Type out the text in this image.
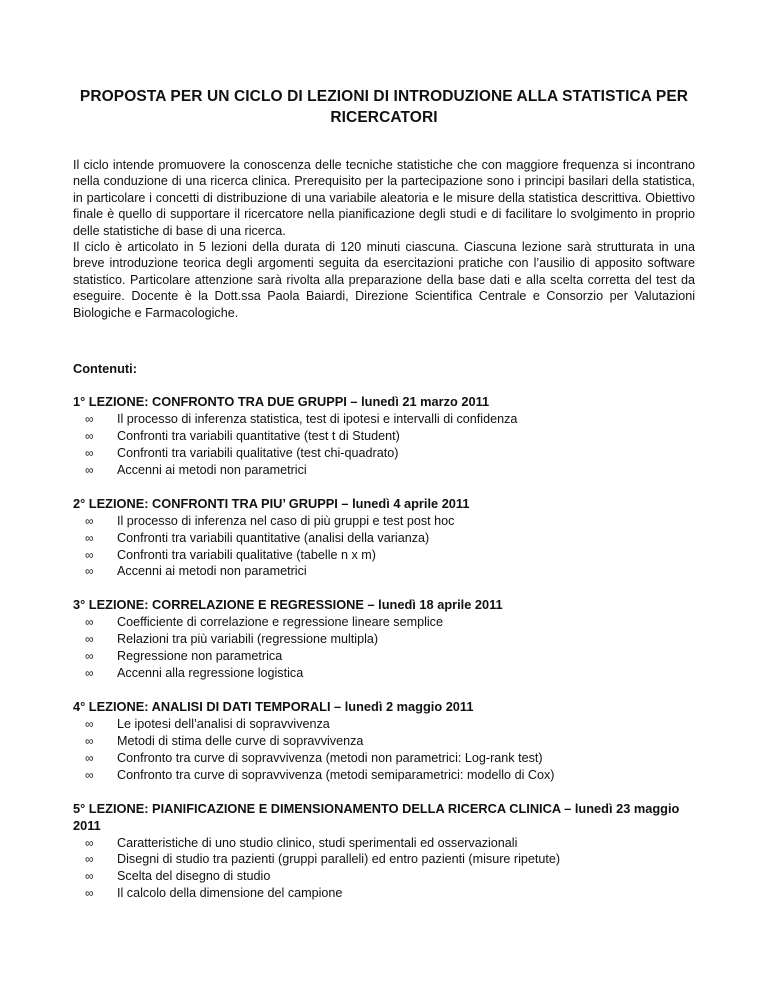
PROPOSTA PER UN CICLO DI LEZIONI DI INTRODUZIONE ALLA STATISTICA PER RICERCATORI

Il ciclo intende promuovere la conoscenza delle tecniche statistiche che con maggiore frequenza si incontrano nella conduzione di una ricerca clinica. Prerequisito per la partecipazione sono i principi basilari della statistica, in particolare i concetti di distribuzione di una variabile aleatoria e le misure della statistica descrittiva. Obiettivo finale è quello di supportare il ricercatore nella pianificazione degli studi e di facilitare lo svolgimento in proprio delle statistiche di base di una ricerca.

Il ciclo è articolato in 5 lezioni della durata di 120 minuti ciascuna. Ciascuna lezione sarà strutturata in una breve introduzione teorica degli argomenti seguita da esercitazioni pratiche con l’ausilio di apposito software statistico. Particolare attenzione sarà rivolta alla preparazione della base dati e alla scelta corretta del test da eseguire. Docente è la Dott.ssa Paola Baiardi, Direzione Scientifica Centrale e Consorzio per Valutazioni Biologiche e Farmacologiche.

Contenuti:

1° LEZIONE: CONFRONTO TRA DUE GRUPPI – lunedì 21 marzo 2011

∞ Il processo di inferenza statistica, test di ipotesi e intervalli di confidenza
∞ Confronti tra variabili quantitative (test t di Student)
∞ Confronti tra variabili qualitative (test chi-quadrato)
∞ Accenni ai metodi non parametrici

2° LEZIONE: CONFRONTI TRA PIU’ GRUPPI – lunedì 4 aprile 2011

∞ Il processo di inferenza nel caso di più gruppi e test post hoc
∞ Confronti tra variabili quantitative (analisi della varianza)
∞ Confronti tra variabili qualitative (tabelle n x m)
∞ Accenni ai metodi non parametrici

3° LEZIONE: CORRELAZIONE E REGRESSIONE – lunedì 18 aprile 2011

∞ Coefficiente di correlazione e regressione lineare semplice
∞ Relazioni tra più variabili (regressione multipla)
∞ Regressione non parametrica
∞ Accenni alla regressione logistica

4° LEZIONE: ANALISI DI DATI TEMPORALI – lunedì 2 maggio 2011

∞ Le ipotesi dell’analisi di sopravvivenza
∞ Metodi di stima delle curve di sopravvivenza
∞ Confronto tra curve di sopravvivenza (metodi non parametrici: Log-rank test)
∞ Confronto tra curve di sopravvivenza (metodi semiparametrici: modello di Cox)

5° LEZIONE: PIANIFICAZIONE E DIMENSIONAMENTO DELLA RICERCA CLINICA – lunedì 23 maggio 2011

∞ Caratteristiche di uno studio clinico, studi sperimentali ed osservazionali
∞ Disegni di studio tra pazienti (gruppi paralleli) ed entro pazienti (misure ripetute)
∞ Scelta del disegno di studio
∞ Il calcolo della dimensione del campione
